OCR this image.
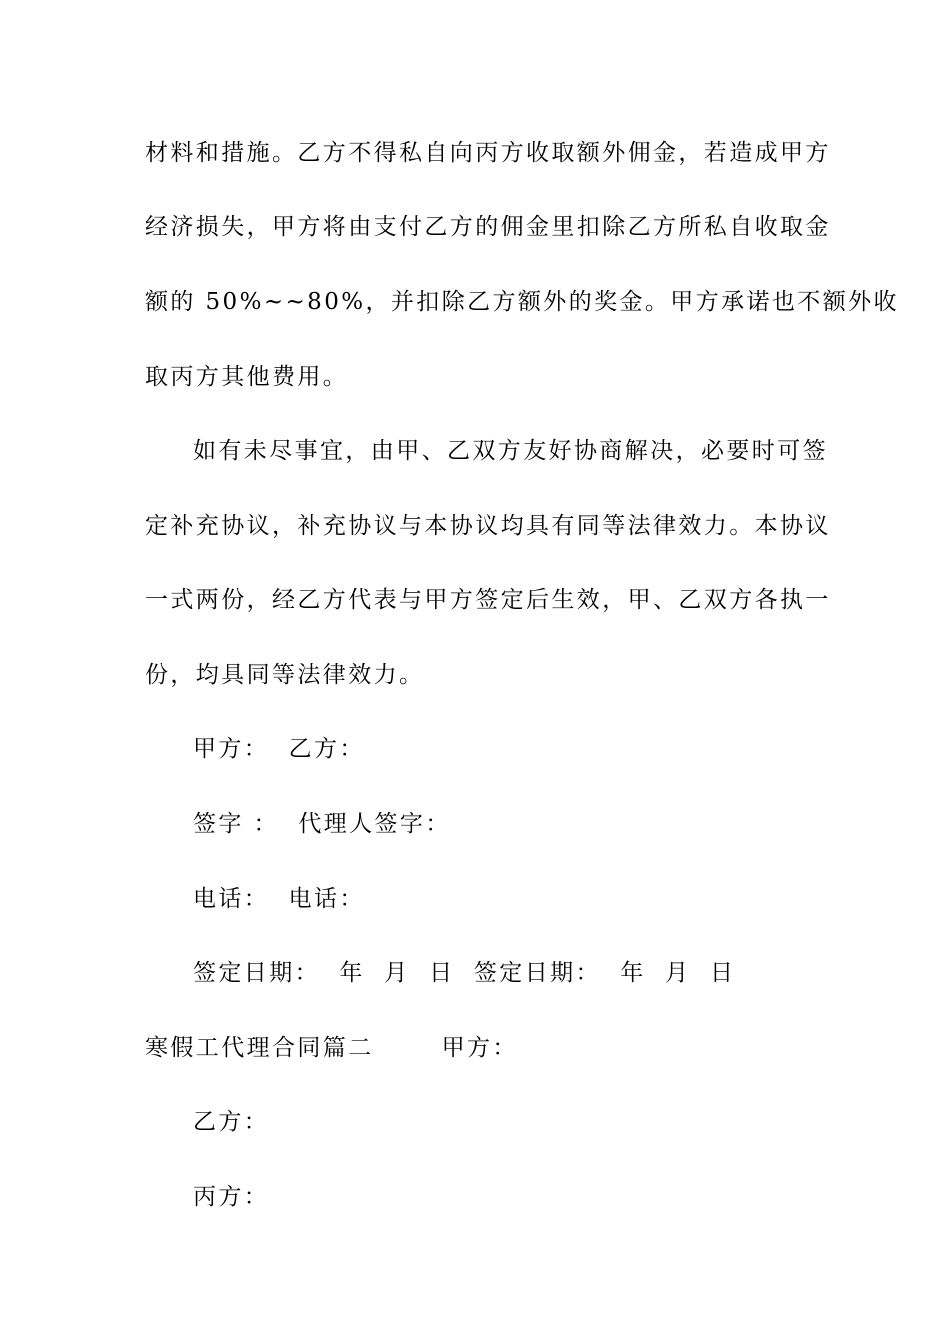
材料和措施。乙方不得私自向丙方收取额外佣金，若造成甲方
经济损失，甲方将由支付乙方的佣金里扣除乙方所私自收取金
额的 50%~~80%，并扣除乙方额外的奖金。甲方承诺也不额外收
取丙方其他费用。
如有未尽事宜，由甲、乙双方友好协商解决，必要时可签
定补充协议，补充协议与本协议均具有同等法律效力。本协议
一式两份，经乙方代表与甲方签定后生效，甲、乙双方各执一
份，均具同等法律效力。
甲方：  乙方：
签字 ：  代理人签字：
电话：  电话：
签定日期：  年  月  日  签定日期：  年  月  日
寒假工代理合同篇二       甲方：
乙方：
丙方：
